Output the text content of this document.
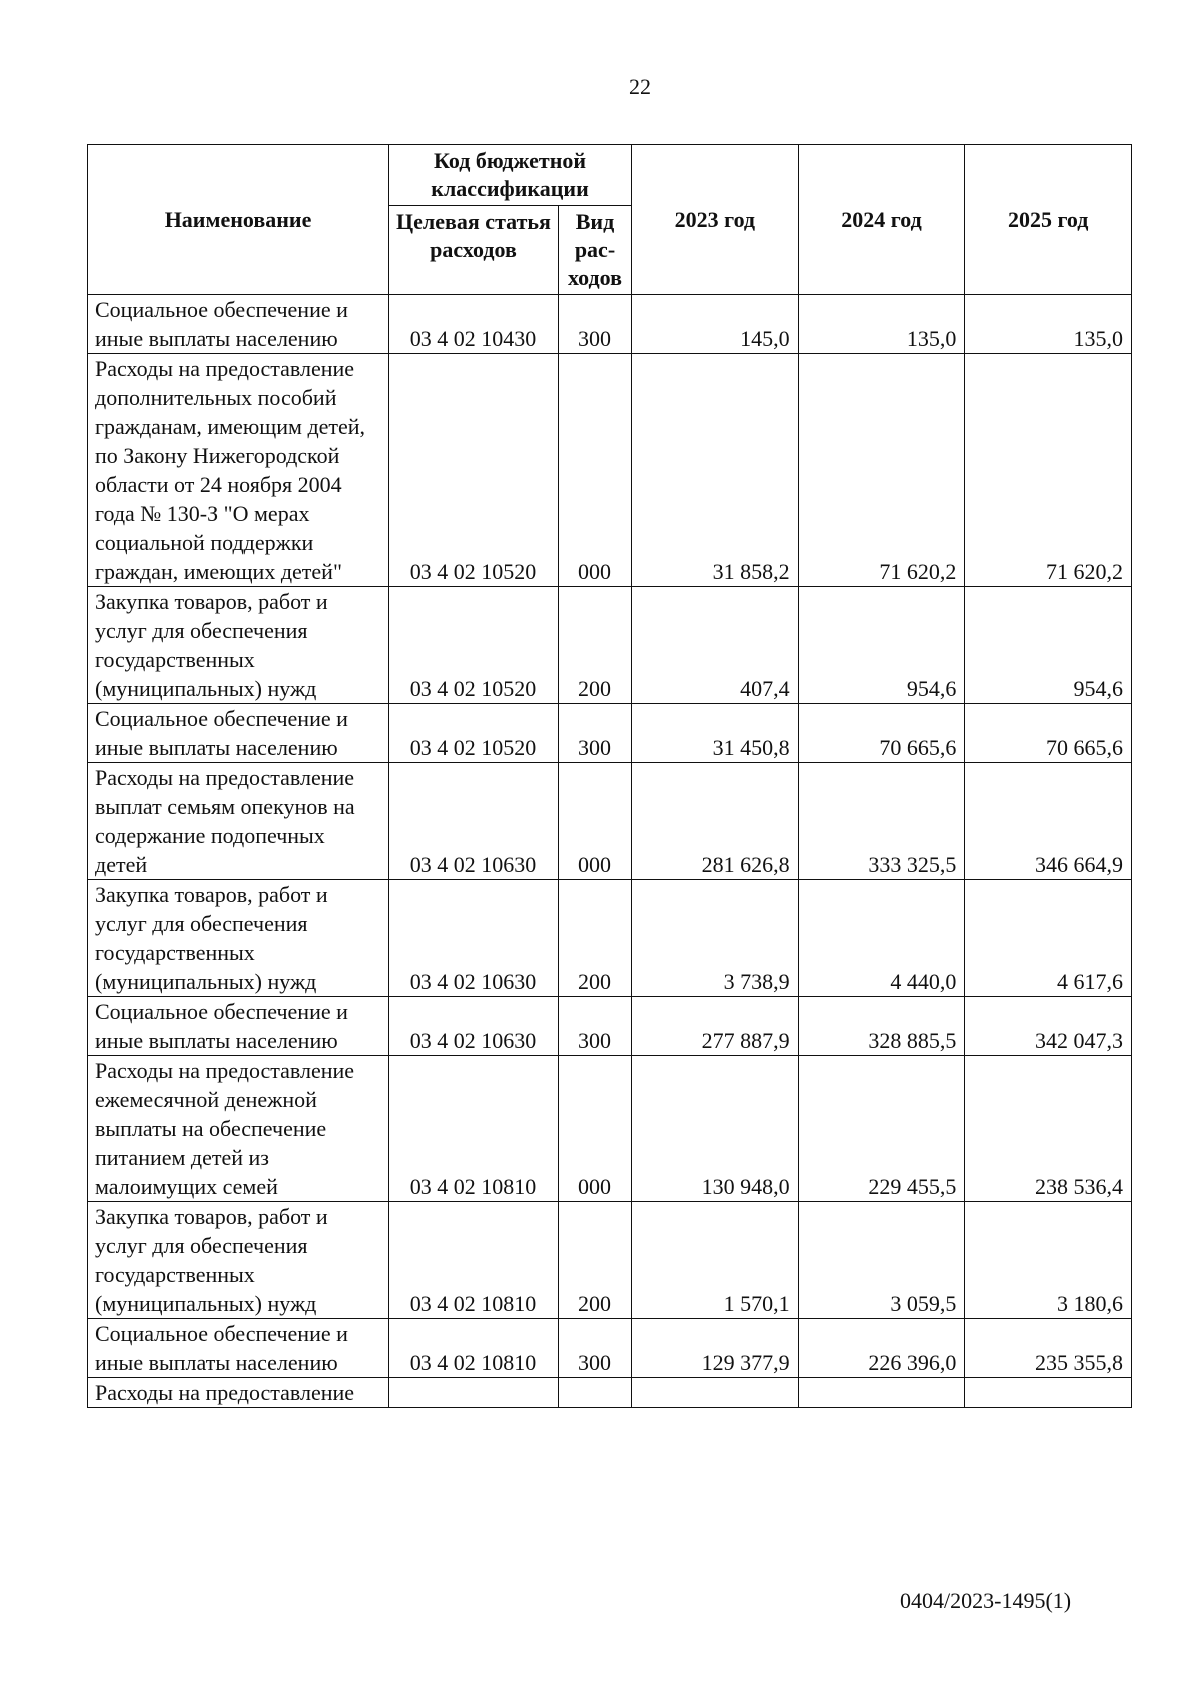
22
Наименование	Код бюджетной классификации		2023 год	2024 год	2025 год
	Целевая статья расходов	Вид рас-ходов			
Социальное обеспечение и иные выплаты населению	03 4 02 10430	300	145,0	135,0	135,0
Расходы на предоставление дополнительных пособий гражданам, имеющим детей, по Закону Нижегородской области от 24 ноября 2004 года № 130-З "О мерах социальной поддержки граждан, имеющих детей"	03 4 02 10520	000	31 858,2	71 620,2	71 620,2
Закупка товаров, работ и услуг для обеспечения государственных (муниципальных) нужд	03 4 02 10520	200	407,4	954,6	954,6
Социальное обеспечение и иные выплаты населению	03 4 02 10520	300	31 450,8	70 665,6	70 665,6
Расходы на предоставление выплат семьям опекунов на содержание подопечных детей	03 4 02 10630	000	281 626,8	333 325,5	346 664,9
Закупка товаров, работ и услуг для обеспечения государственных (муниципальных) нужд	03 4 02 10630	200	3 738,9	4 440,0	4 617,6
Социальное обеспечение и иные выплаты населению	03 4 02 10630	300	277 887,9	328 885,5	342 047,3
Расходы на предоставление ежемесячной денежной выплаты на обеспечение питанием детей из малоимущих семей	03 4 02 10810	000	130 948,0	229 455,5	238 536,4
Закупка товаров, работ и услуг для обеспечения государственных (муниципальных) нужд	03 4 02 10810	200	1 570,1	3 059,5	3 180,6
Социальное обеспечение и иные выплаты населению	03 4 02 10810	300	129 377,9	226 396,0	235 355,8
Расходы на предоставление					
0404/2023-1495(1)
